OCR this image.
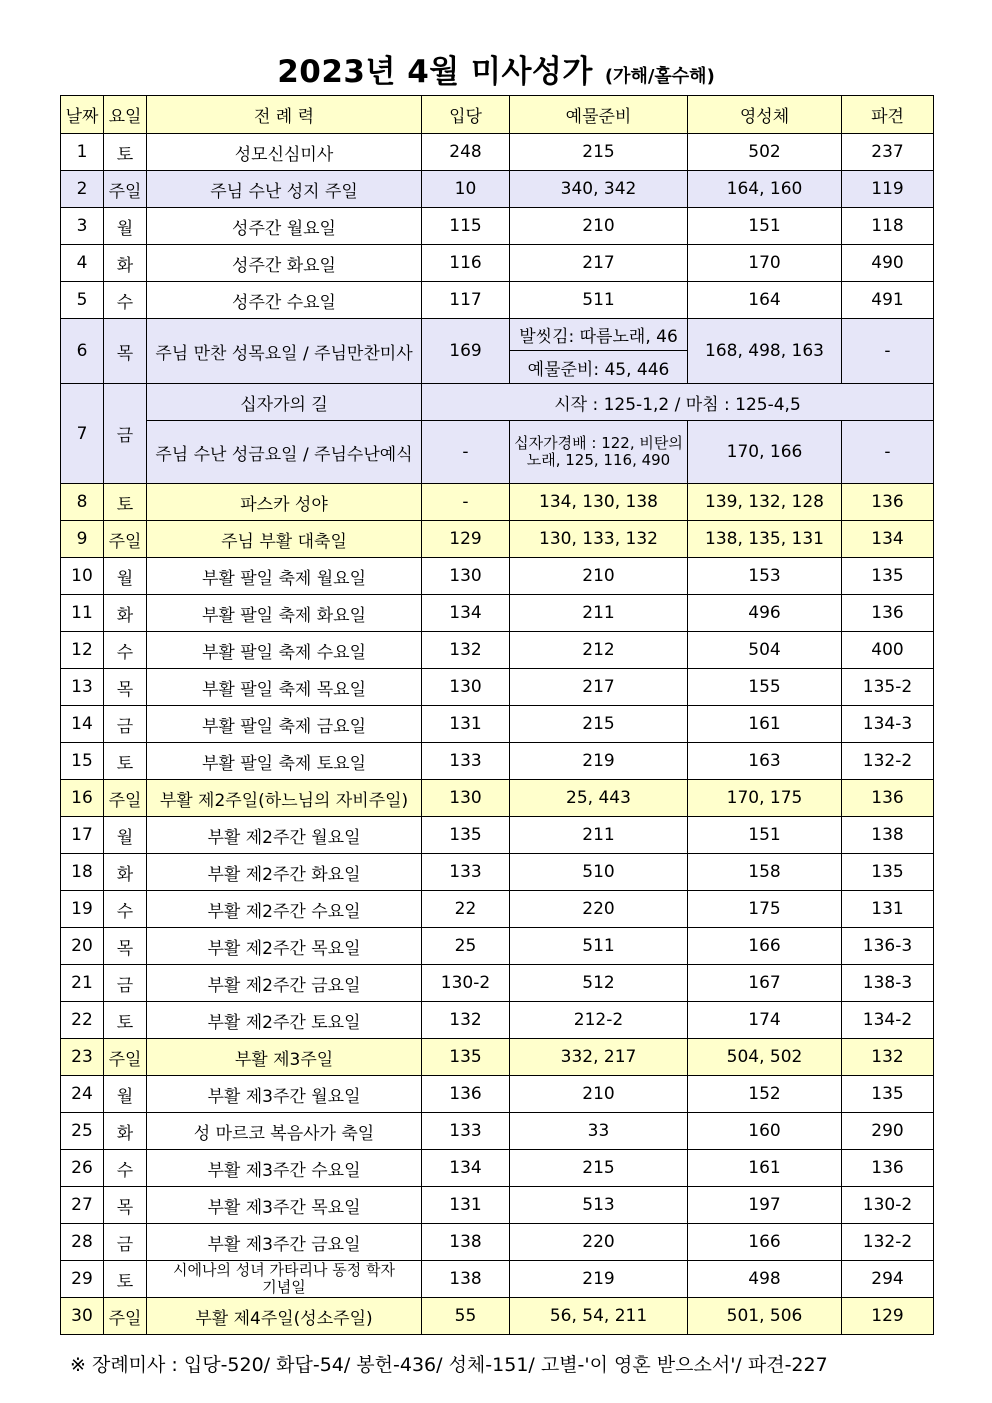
2023년 4월 미사성가 (가해/홀수해)
날짜	요일	전 례 력	입당	예물준비	영성체	파견
1	토	성모신심미사	248	215	502	237
2	주일	주님 수난 성지 주일	10	340, 342	164, 160	119
3	월	성주간 월요일	115	210	151	118
4	화	성주간 화요일	116	217	170	490
5	수	성주간 수요일	117	511	164	491
6	목	주님 만찬 성목요일 / 주님만찬미사	169	발씻김: 따름노래, 46	168, 498, 163	-
				예물준비: 45, 446		
7	금	십자가의 길	시작 : 125-1,2 / 마침 : 125-4,5			
		주님 수난 성금요일 / 주님수난예식	-	십자가경배 : 122, 비탄의노래, 125, 116, 490	170, 166	-
8	토	파스카 성야	-	134, 130, 138	139, 132, 128	136
9	주일	주님 부활 대축일	129	130, 133, 132	138, 135, 131	134
10	월	부활 팔일 축제 월요일	130	210	153	135
11	화	부활 팔일 축제 화요일	134	211	496	136
12	수	부활 팔일 축제 수요일	132	212	504	400
13	목	부활 팔일 축제 목요일	130	217	155	135-2
14	금	부활 팔일 축제 금요일	131	215	161	134-3
15	토	부활 팔일 축제 토요일	133	219	163	132-2
16	주일	부활 제2주일(하느님의 자비주일)	130	25, 443	170, 175	136
17	월	부활 제2주간 월요일	135	211	151	138
18	화	부활 제2주간 화요일	133	510	158	135
19	수	부활 제2주간 수요일	22	220	175	131
20	목	부활 제2주간 목요일	25	511	166	136-3
21	금	부활 제2주간 금요일	130-2	512	167	138-3
22	토	부활 제2주간 토요일	132	212-2	174	134-2
23	주일	부활 제3주일	135	332, 217	504, 502	132
24	월	부활 제3주간 월요일	136	210	152	135
25	화	성 마르코 복음사가 축일	133	33	160	290
26	수	부활 제3주간 수요일	134	215	161	136
27	목	부활 제3주간 목요일	131	513	197	130-2
28	금	부활 제3주간 금요일	138	220	166	132-2
29	토	시에나의 성녀 가타리나 동정 학자 기념일	138	219	498	294
30	주일	부활 제4주일(성소주일)	55	56, 54, 211	501, 506	129
※ 장례미사 : 입당-520/ 화답-54/ 봉헌-436/ 성체-151/ 고별-'이 영혼 받으소서'/ 파견-227
